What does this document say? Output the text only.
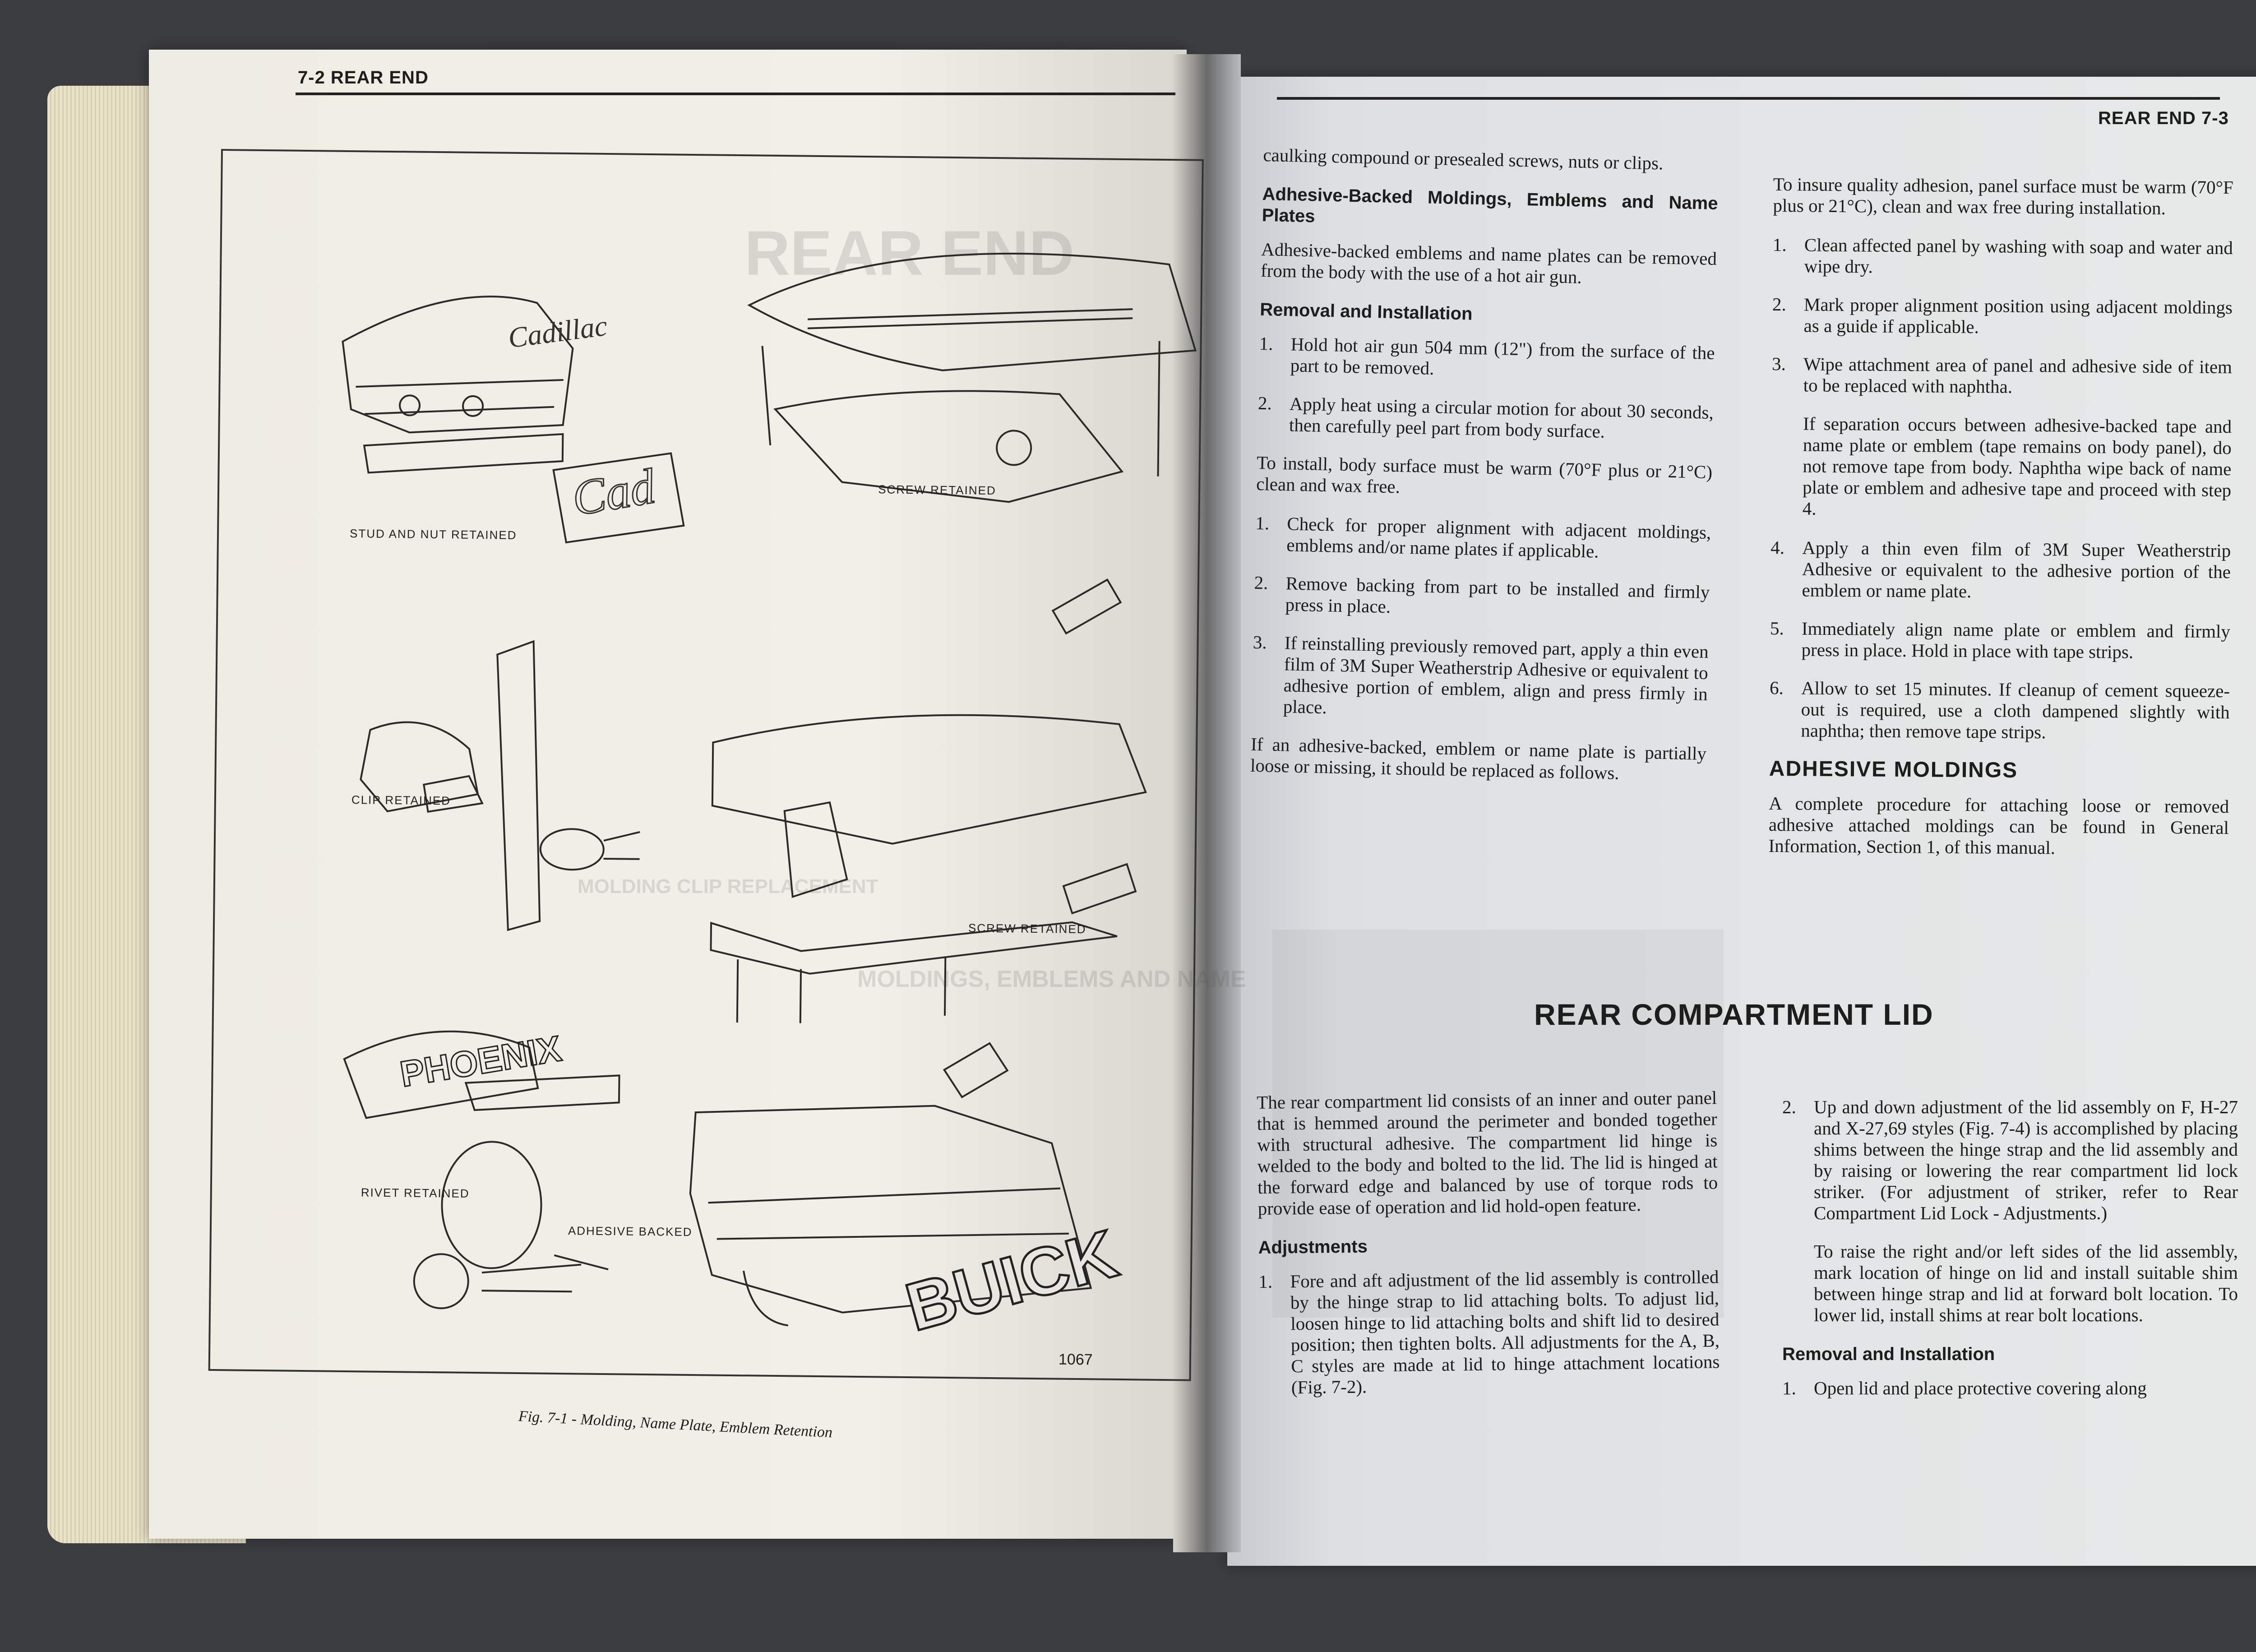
7-2 REAR END
REAR END
MOLDINGS, EMBLEMS AND NAME
MOLDING CLIP REPLACEMENT
Cadillac
Cad
PHOENIX
BUICK
STUD AND NUT RETAINED
SCREW RETAINED
CLIP RETAINED
SCREW RETAINED
RIVET RETAINED
ADHESIVE BACKED
1067
Fig. 7-1 - Molding, Name Plate, Emblem Retention
REAR END 7-3

caulking compound or presealed screws, nuts or clips.

Adhesive-Backed Moldings, Emblems and Name Plates

Adhesive-backed emblems and name plates can be removed from the body with the use of a hot air gun.

Removal and Installation
1. Hold hot air gun 504 mm (12") from the surface of the part to be removed.
2. Apply heat using a circular motion for about 30 seconds, then carefully peel part from body surface.

To install, body surface must be warm (70°F plus or 21°C) clean and wax free.

1. Check for proper alignment with adjacent moldings, emblems and/or name plates if applicable.
2. Remove backing from part to be installed and firmly press in place.
3. If reinstalling previously removed part, apply a thin even film of 3M Super Weatherstrip Adhesive or equivalent to adhesive portion of emblem, align and press firmly in place.

If an adhesive-backed, emblem or name plate is partially loose or missing, it should be replaced as follows.

To insure quality adhesion, panel surface must be warm (70°F plus or 21°C), clean and wax free during installation.

1. Clean affected panel by washing with soap and water and wipe dry.
2. Mark proper alignment position using adjacent moldings as a guide if applicable.
3. Wipe attachment area of panel and adhesive side of item to be replaced with naphtha.

If separation occurs between adhesive-backed tape and name plate or emblem (tape remains on body panel), do not remove tape from body. Naphtha wipe back of name plate or emblem and adhesive tape and proceed with step 4.

4. Apply a thin even film of 3M Super Weatherstrip Adhesive or equivalent to the adhesive portion of the emblem or name plate.
5. Immediately align name plate or emblem and firmly press in place. Hold in place with tape strips.
6. Allow to set 15 minutes. If cleanup of cement squeeze-out is required, use a cloth dampened slightly with naphtha; then remove tape strips.
ADHESIVE MOLDINGS

A complete procedure for attaching loose or removed adhesive attached moldings can be found in General Information, Section 1, of this manual.

REAR COMPARTMENT LID

The rear compartment lid consists of an inner and outer panel that is hemmed around the perimeter and bonded together with structural adhesive. The compartment lid hinge is welded to the body and bolted to the lid. The lid is hinged at the forward edge and balanced by use of torque rods to provide ease of operation and lid hold-open feature.

Adjustments
1. Fore and aft adjustment of the lid assembly is controlled by the hinge strap to lid attaching bolts. To adjust lid, loosen hinge to lid attaching bolts and shift lid to desired position; then tighten bolts. All adjustments for the A, B, C styles are made at lid to hinge attachment locations (Fig. 7-2).
2. Up and down adjustment of the lid assembly on F, H-27 and X-27,69 styles (Fig. 7-4) is accomplished by placing shims between the hinge strap and the lid assembly and by raising or lowering the rear compartment lid lock striker. (For adjustment of striker, refer to Rear Compartment Lid Lock - Adjustments.)

To raise the right and/or left sides of the lid assembly, mark location of hinge on lid and install suitable shim between hinge strap and lid at forward bolt location. To lower lid, install shims at rear bolt locations.

Removal and Installation
1. Open lid and place protective covering along
